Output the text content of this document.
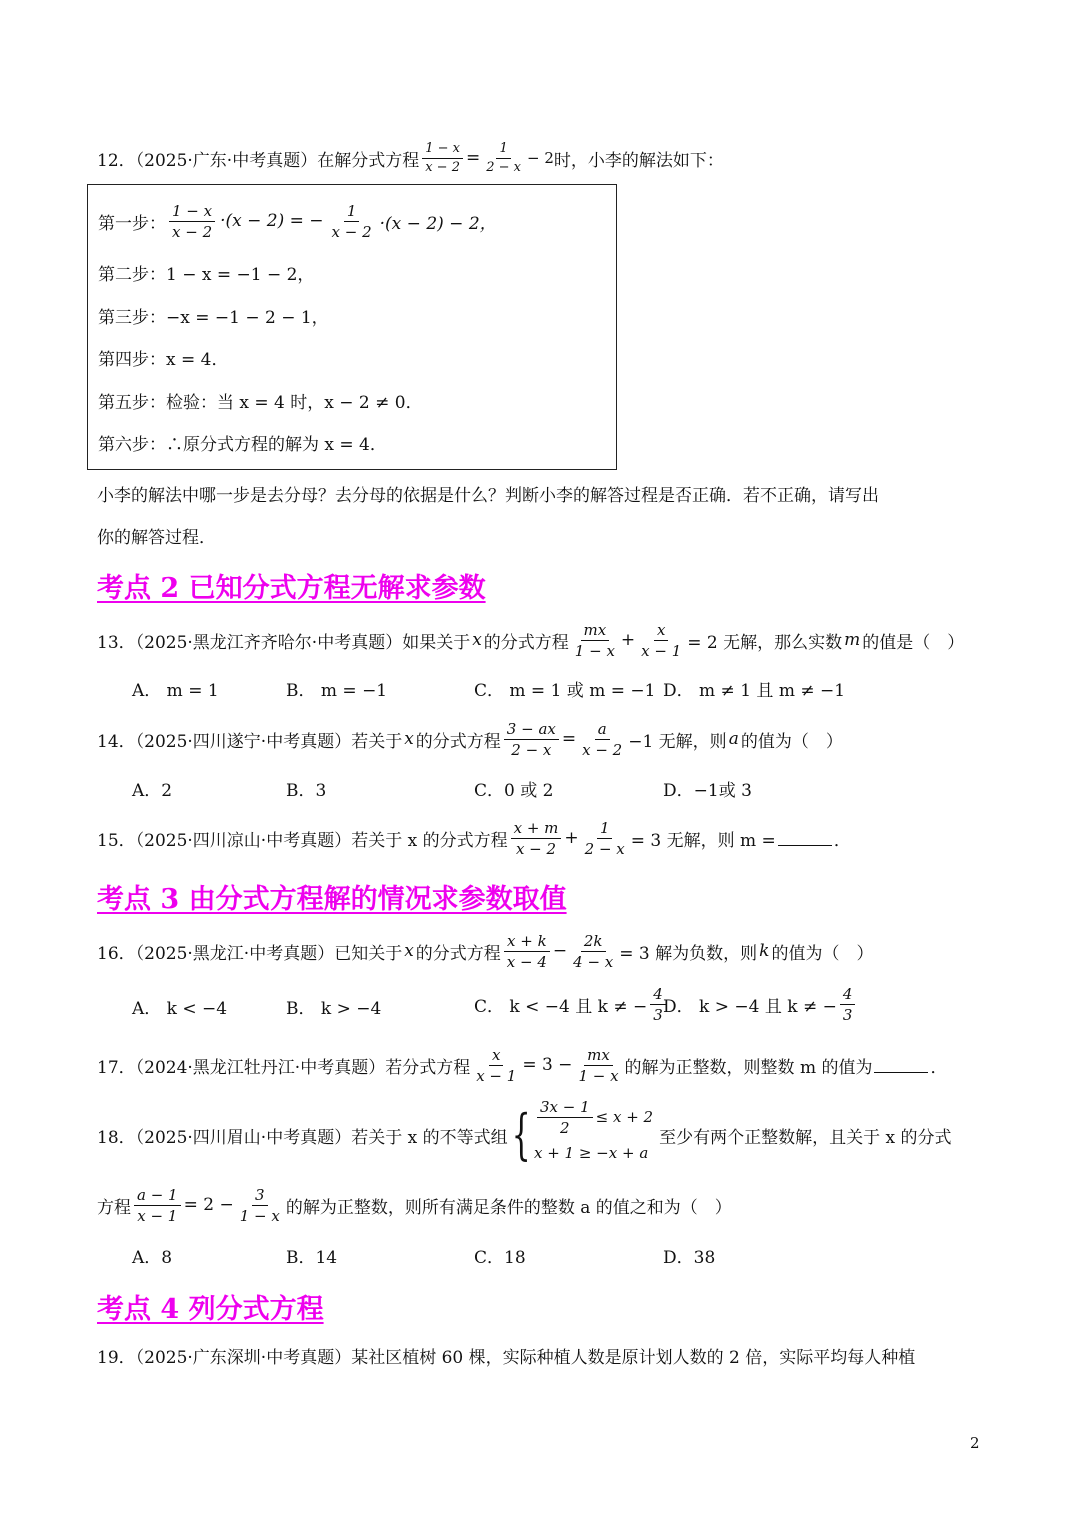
12．（2025·广东·中考真题）在解分式方程 $\frac{1 - x}{x - 2} = \frac{1}{2 - x} - 2$ 时，小李的解法如下：
第一步： $\frac{1 - x}{x - 2} \cdot(x - 2)$ = − $\frac{1}{x - 2} \cdot(x - 2) - 2$，
第二步：1 − x = −1 − 2，
第三步：−x = −1 − 2 − 1，
第四步：x = 4．
第五步：检验：当 x = 4 时，x − 2 ≠ 0．
第六步：∴原分式方程的解为 x = 4．
小李的解法中哪一步是去分母？去分母的依据是什么？判断小李的解答过程是否正确．若不正确，请写出
你的解答过程．
考点 2 已知分式方程无解求参数
13．（2025·黑龙江齐齐哈尔·中考真题）如果关于 x 的分式方程 $\frac{mx}{1 - x} + \frac{x}{x - 1} = 2$ 无解，那么实数 m 的值是（　）
A． m = 1	B． m = −1	C． m = 1 或 m = −1 D． m ≠ 1 且 m ≠ −1
14．（2025·四川遂宁·中考真题）若关于 x 的分式方程 $\frac{3 - ax}{2 - x} = \frac{a}{x - 2} -1$ 无解，则 a 的值为（　）
A．2	B．3	C．0 或 2	D．−1或 3
15．（2025·四川凉山·中考真题）若关于 x 的分式方程 $\frac{x + m}{x - 2} + \frac{1}{2 - x} = 3$ 无解，则 m =	．
考点 3 由分式方程解的情况求参数取值
16．（2025·黑龙江·中考真题）已知关于 x 的分式方程 $\frac{x + k}{x - 4} - \frac{2k}{4 - x} = 3$ 解为负数，则 k 的值为（　）
A． k < −4	B． k > −4	C． k < −4 且 k ≠ − $\frac{4}{3}$
D． k > −4 且 k ≠ − $\frac{4}{3}$
17．（2024·黑龙江牡丹江·中考真题）若分式方程 $\frac{x}{x - 1} = 3 - \frac{mx}{1 - x}$ 的解为正整数，则整数 m 的值为	．
18．（2025·四川眉山·中考真题）若关于 x 的不等式组 { $\frac{3x - 1}{2} \le x + 2$
x + 1 ≥ −x + a
至少有两个正整数解，且关于 x 的分式
方程 $\frac{a - 1}{x - 1} = 2 - \frac{3}{1 - x}$ 的解为正整数，则所有满足条件的整数 a 的值之和为（　）
A．8	B．14	C．18	D．38
考点 4 列分式方程
19．（2025·广东深圳·中考真题）某社区植树 60 棵，实际种植人数是原计划人数的 2 倍，实际平均每人种植
2
